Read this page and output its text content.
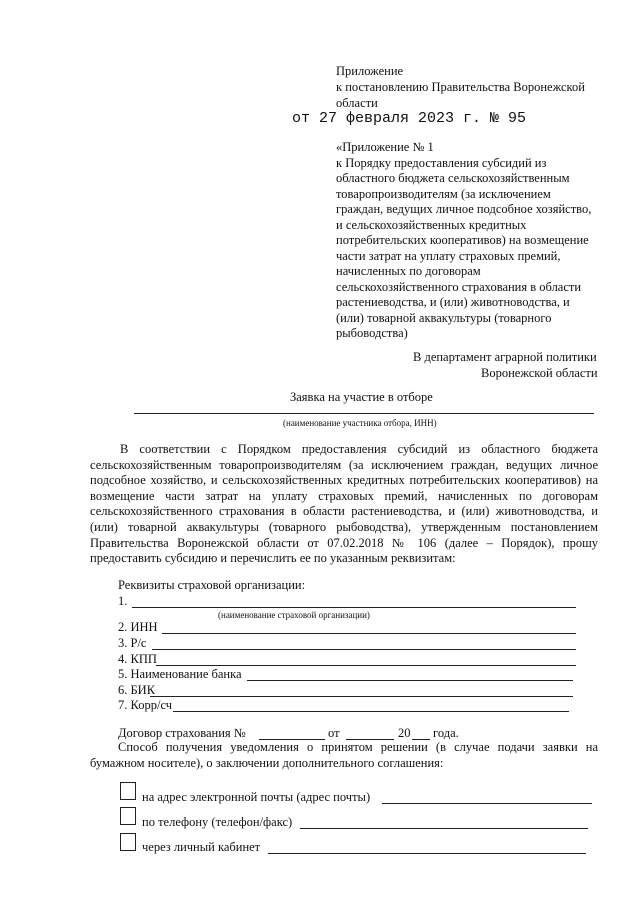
Приложение
к постановлению Правительства Воронежской
области
от 27 февраля 2023 г. № 95
«Приложение № 1
к Порядку предоставления субсидий из
областного бюджета сельскохозяйственным
товаропроизводителям (за исключением
граждан, ведущих личное подсобное хозяйство,
и сельскохозяйственных кредитных
потребительских кооперативов) на возмещение
части затрат на уплату страховых премий,
начисленных по договорам
сельскохозяйственного страхования в области
растениеводства, и (или) животноводства, и
(или) товарной аквакультуры (товарного
рыбоводства)
В департамент аграрной политики
Воронежской области
Заявка на участие в отборе
(наименование участника отбора, ИНН)
В соответствии с Порядком предоставления субсидий из областного бюджета сельскохозяйственным товаропроизводителям (за исключением граждан, ведущих личное подсобное хозяйство, и сельскохозяйственных кредитных потребительских кооперативов) на возмещение части затрат на уплату страховых премий, начисленных по договорам сельскохозяйственного страхования в области растениеводства, и (или) животноводства, и (или) товарной аквакультуры (товарного рыбоводства), утвержденным постановлением Правительства Воронежской области от 07.02.2018 № 106 (далее – Порядок), прошу предоставить субсидию и перечислить ее по указанным реквизитам:
Реквизиты страховой организации:
1.
(наименование страховой организации)
2. ИНН
3. Р/с
4. КПП
5. Наименование банка
6. БИК
7. Корр/сч
Договор страхования №	от	20 года.
Способ получения уведомления о принятом решении (в случае подачи заявки на бумажном носителе), о заключении дополнительного соглашения:
на адрес электронной почты (адрес почты)
по телефону (телефон/факс)
через личный кабинет
